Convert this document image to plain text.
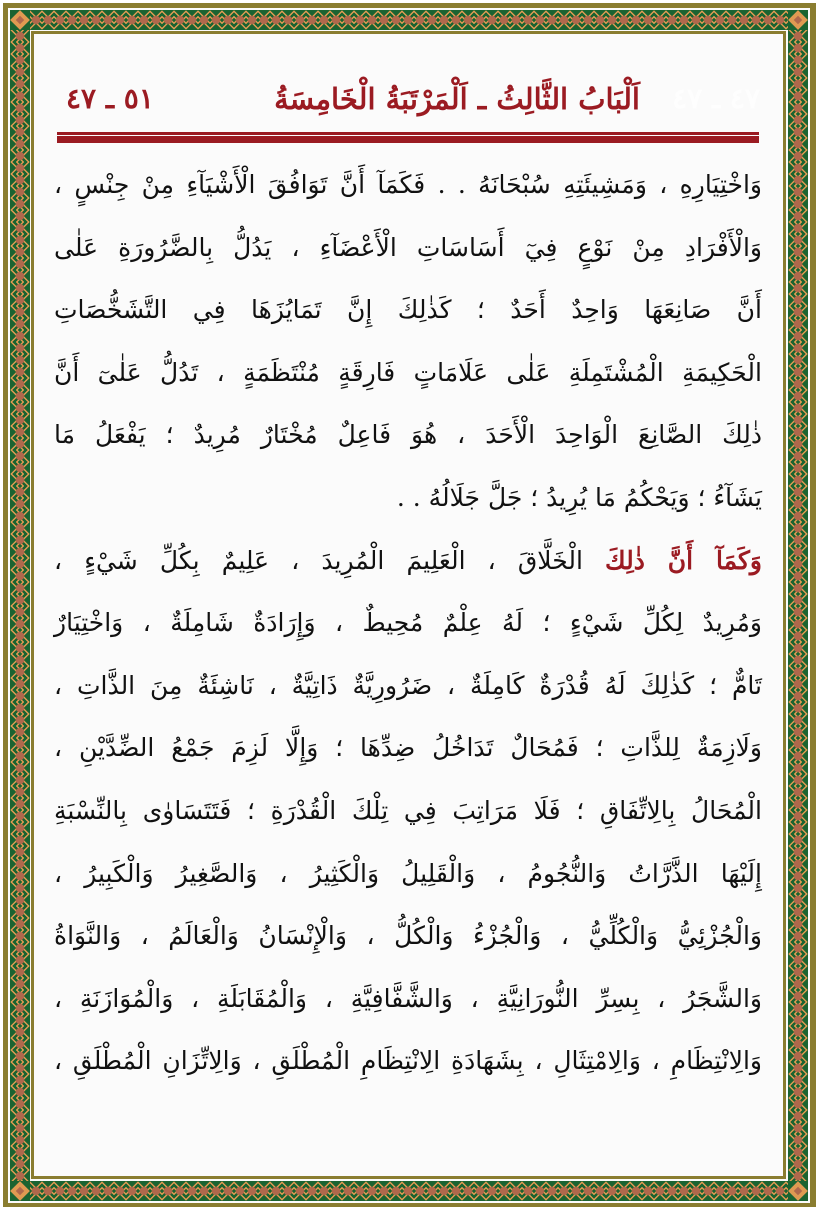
٤٧ ـ ٤٧
اَلْبَابُ الثَّالِثُ ـ اَلْمَرْتَبَةُ الْخَامِسَةُ
٥١ ـ ٤٧
وَاخْتِيَارِهِ ، وَمَشِيئَتِهِ سُبْحَانَهُ . . فَكَمَآ أَنَّ تَوَافُقَ الْأَشْيَآءِ مِنْ جِنْسٍ ،
وَالْأَفْرَادِ مِنْ نَوْعٍ فِيٓ أَسَاسَاتِ الْأَعْضَآءِ ، يَدُلُّ بِالضَّرُورَةِ عَلٰى
أَنَّ صَانِعَهَا وَاحِدٌ أَحَدٌ ؛ كَذٰلِكَ إِنَّ تَمَايُزَهَا فِي التَّشَخُّصَاتِ
الْحَكِيمَةِ الْمُشْتَمِلَةِ عَلٰى عَلَامَاتٍ فَارِقَةٍ مُنْتَظَمَةٍ ، تَدُلُّ عَلٰىٓ أَنَّ
ذٰلِكَ الصَّانِعَ الْوَاحِدَ الْأَحَدَ ، هُوَ فَاعِلٌ مُخْتَارٌ مُرِيدٌ ؛ يَفْعَلُ مَا
يَشَآءُ ؛ وَيَحْكُمُ مَا يُرِيدُ ؛ جَلَّ جَلَالُهُ . .
وَكَمَآ أَنَّ ذٰلِكَ الْخَلَّاقَ ، الْعَلِيمَ الْمُرِيدَ ، عَلِيمٌ بِكُلِّ شَيْءٍ ،
وَمُرِيدٌ لِكُلِّ شَيْءٍ ؛ لَهُ عِلْمٌ مُحِيطٌ ، وَإِرَادَةٌ شَامِلَةٌ ، وَاخْتِيَارٌ
تَامٌّ ؛ كَذٰلِكَ لَهُ قُدْرَةٌ كَامِلَةٌ ، ضَرُورِيَّةٌ ذَاتِيَّةٌ ، نَاشِئَةٌ مِنَ الذَّاتِ ،
وَلَازِمَةٌ لِلذَّاتِ ؛ فَمُحَالٌ تَدَاخُلُ ضِدِّهَا ؛ وَإِلَّا لَزِمَ جَمْعُ الضِّدَّيْنِ ،
الْمُحَالُ بِالِاتِّفَاقِ ؛ فَلَا مَرَاتِبَ فِي تِلْكَ الْقُدْرَةِ ؛ فَتَتَسَاوٰى بِالنِّسْبَةِ
إِلَيْهَا الذَّرَّاتُ وَالنُّجُومُ ، وَالْقَلِيلُ وَالْكَثِيرُ ، وَالصَّغِيرُ وَالْكَبِيرُ ،
وَالْجُزْئِيُّ وَالْكُلِّيُّ ، وَالْجُزْءُ وَالْكُلُّ ، وَالْإِنْسَانُ وَالْعَالَمُ ، وَالنَّوَاةُ
وَالشَّجَرُ ، بِسِرِّ النُّورَانِيَّةِ ، وَالشَّفَّافِيَّةِ ، وَالْمُقَابَلَةِ ، وَالْمُوَازَنَةِ ،
وَالِانْتِظَامِ ، وَالِامْتِثَالِ ، بِشَهَادَةِ الِانْتِظَامِ الْمُطْلَقِ ، وَالِاتِّزَانِ الْمُطْلَقِ ،
